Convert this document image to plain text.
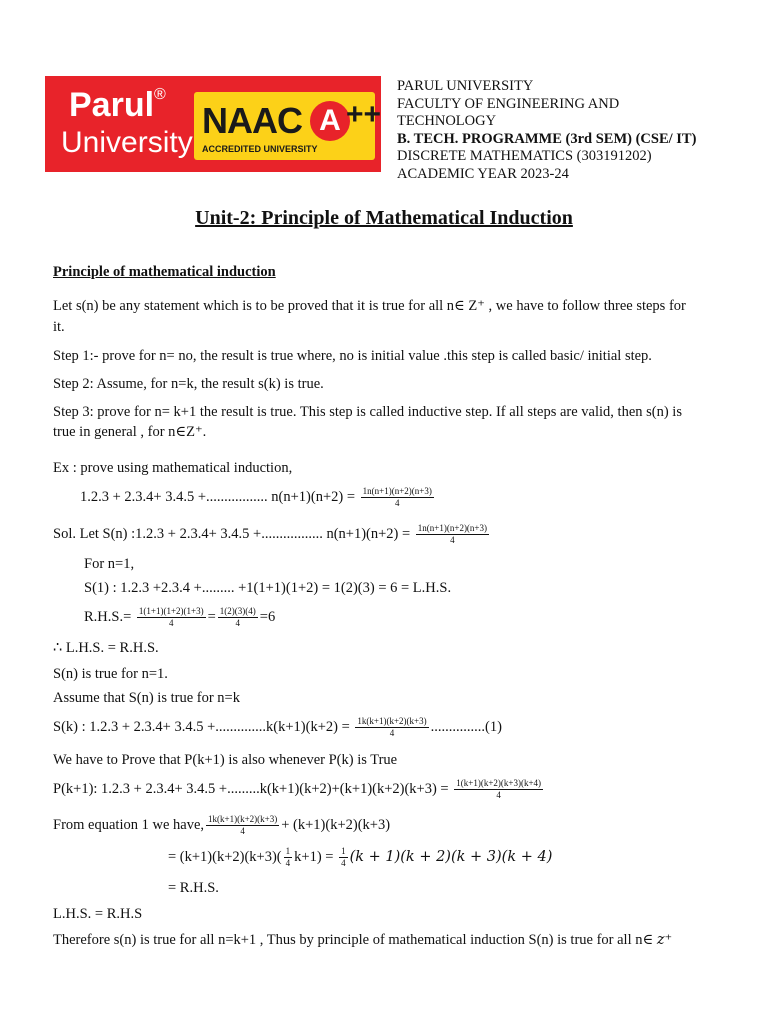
Parul®
University
NAAC A ++
ACCREDITED UNIVERSITY
PARUL UNIVERSITY
FACULTY OF ENGINEERING AND
TECHNOLOGY
B. TECH. PROGRAMME (3rd SEM) (CSE/ IT)
DISCRETE MATHEMATICS (303191202)
ACADEMIC YEAR 2023-24
Unit-2: Principle of Mathematical Induction
Principle of mathematical induction
Let s(n) be any statement which is to be proved that it is true for all n∈ Z⁺ , we have to follow three steps for
it.
Step 1:- prove for n= no, the result is true where, no is initial value .this step is called basic/ initial step.
Step 2: Assume, for n=k, the result s(k) is true.
Step 3: prove for n= k+1 the result is true. This step is called inductive step. If all steps are valid, then s(n) is
true in general , for n∈Z⁺.
Ex : prove using mathematical induction,
1.2.3 + 2.3.4+ 3.4.5 +................. $n(n+1)(n+2) = \frac{1n(n+1)(n+2)(n+3)}{4}$
Sol. Let S(n) :1.2.3 + 2.3.4+ 3.4.5 +................. $n(n+1)(n+2) = \frac{1n(n+1)(n+2)(n+3)}{4}$
For n=1,
S(1) : 1.2.3 +2.3.4 +......... +1(1+1)(1+2) = 1(2)(3) = 6 = L.H.S.
$R.H.S.= \frac{1(1+1)(1+2)(1+3)}{4} = \frac{1(2)(3)(4)}{4} =6$
∴ L.H.S. = R.H.S.
S(n) is true for n=1.
Assume that S(n) is true for n=k
S(k) : $1.2.3 + 2.3.4+ 3.4.5 +..............k(k+1)(k+2) = \frac{1k(k+1)(k+2)(k+3)}{4} ...............(1)$
We have to Prove that P(k+1) is also whenever P(k) is True
P(k+1): $1.2.3 + 2.3.4+ 3.4.5 +.........k(k+1)(k+2)+(k+1)(k+2)(k+3) = \frac{1(k+1)(k+2)(k+3)(k+4)}{4}$
From equation 1 we have, $\frac{1k(k+1)(k+2)(k+3)}{4} + (k+1)(k+2)(k+3)$
= $(k+1)(k+2)(k+3)( \frac{1}{4} k+1) = \frac{1}{4} (k + 1)(k + 2)(k + 3)(k + 4)$
= R.H.S.
L.H.S. = R.H.S
Therefore s(n) is true for all n=k+1 , Thus by principle of mathematical induction S(n) is true for all n∈ z⁺
